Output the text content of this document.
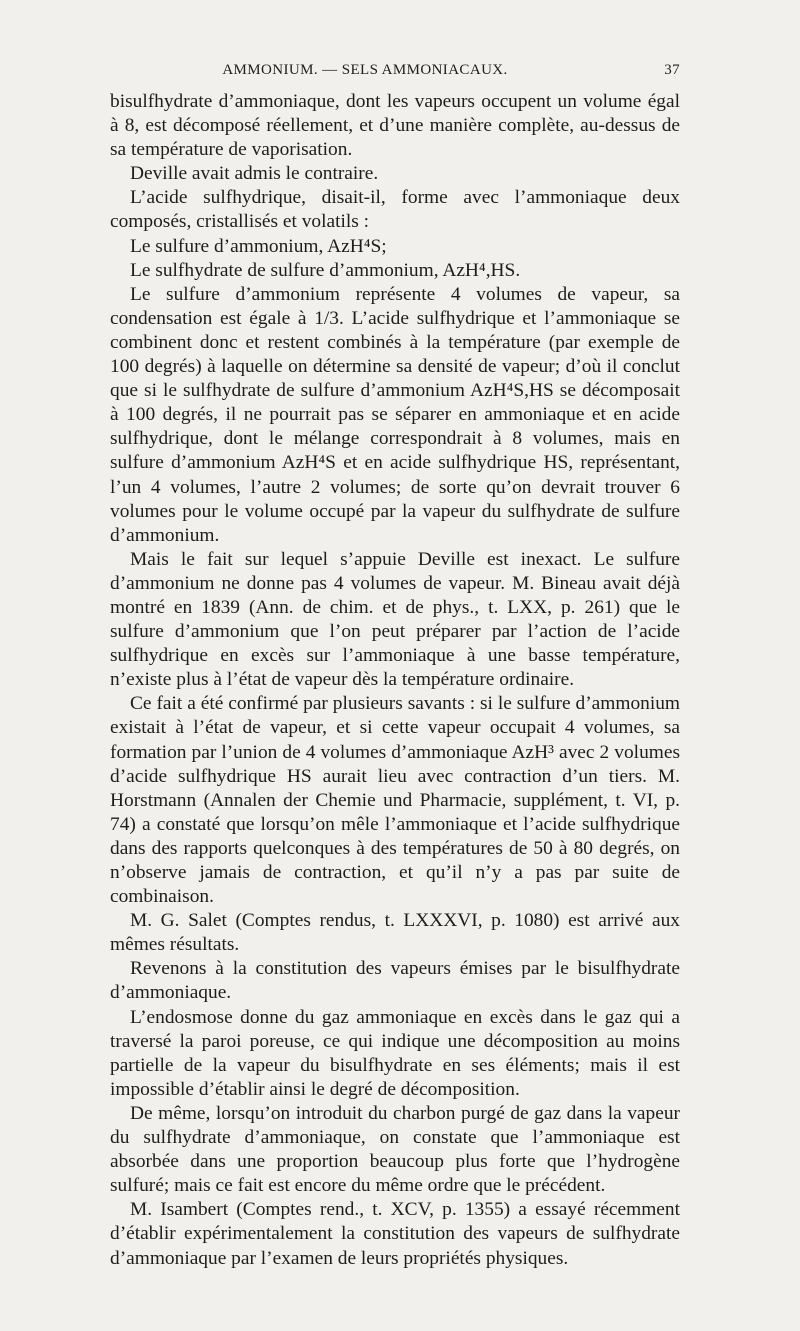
AMMONIUM. — SELS AMMONIACAUX.	37

bisulfhydrate d’ammoniaque, dont les vapeurs occupent un volume égal à 8, est décomposé réellement, et d’une manière complète, au-dessus de sa température de vaporisation.

Deville avait admis le contraire.

L’acide sulfhydrique, disait-il, forme avec l’ammoniaque deux composés, cristallisés et volatils :

Le sulfure d’ammonium, AzH⁴S;

Le sulfhydrate de sulfure d’ammonium, AzH⁴,HS.

Le sulfure d’ammonium représente 4 volumes de vapeur, sa condensation est égale à 1/3. L’acide sulfhydrique et l’ammoniaque se combinent donc et restent combinés à la température (par exemple de 100 degrés) à laquelle on détermine sa densité de vapeur; d’où il conclut que si le sulfhydrate de sulfure d’ammonium AzH⁴S,HS se décomposait à 100 degrés, il ne pourrait pas se séparer en ammoniaque et en acide sulfhydrique, dont le mélange correspondrait à 8 volumes, mais en sulfure d’ammonium AzH⁴S et en acide sulfhydrique HS, représentant, l’un 4 volumes, l’autre 2 volumes; de sorte qu’on devrait trouver 6 volumes pour le volume occupé par la vapeur du sulfhydrate de sulfure d’ammonium.

Mais le fait sur lequel s’appuie Deville est inexact. Le sulfure d’ammonium ne donne pas 4 volumes de vapeur. M. Bineau avait déjà montré en 1839 (Ann. de chim. et de phys., t. LXX, p. 261) que le sulfure d’ammonium que l’on peut préparer par l’action de l’acide sulfhydrique en excès sur l’ammoniaque à une basse température, n’existe plus à l’état de vapeur dès la température ordinaire.

Ce fait a été confirmé par plusieurs savants : si le sulfure d’ammonium existait à l’état de vapeur, et si cette vapeur occupait 4 volumes, sa formation par l’union de 4 volumes d’ammoniaque AzH³ avec 2 volumes d’acide sulfhydrique HS aurait lieu avec contraction d’un tiers. M. Horstmann (Annalen der Chemie und Pharmacie, supplément, t. VI, p. 74) a constaté que lorsqu’on mêle l’ammoniaque et l’acide sulfhydrique dans des rapports quelconques à des températures de 50 à 80 degrés, on n’observe jamais de contraction, et qu’il n’y a pas par suite de combinaison.

M. G. Salet (Comptes rendus, t. LXXXVI, p. 1080) est arrivé aux mêmes résultats.

Revenons à la constitution des vapeurs émises par le bisulfhydrate d’ammoniaque.

L’endosmose donne du gaz ammoniaque en excès dans le gaz qui a traversé la paroi poreuse, ce qui indique une décomposition au moins partielle de la vapeur du bisulfhydrate en ses éléments; mais il est impossible d’établir ainsi le degré de décomposition.

De même, lorsqu’on introduit du charbon purgé de gaz dans la vapeur du sulfhydrate d’ammoniaque, on constate que l’ammoniaque est absorbée dans une proportion beaucoup plus forte que l’hydrogène sulfuré; mais ce fait est encore du même ordre que le précédent.

M. Isambert (Comptes rend., t. XCV, p. 1355) a essayé récemment d’établir expérimentalement la constitution des vapeurs de sulfhydrate d’ammoniaque par l’examen de leurs propriétés physiques.
